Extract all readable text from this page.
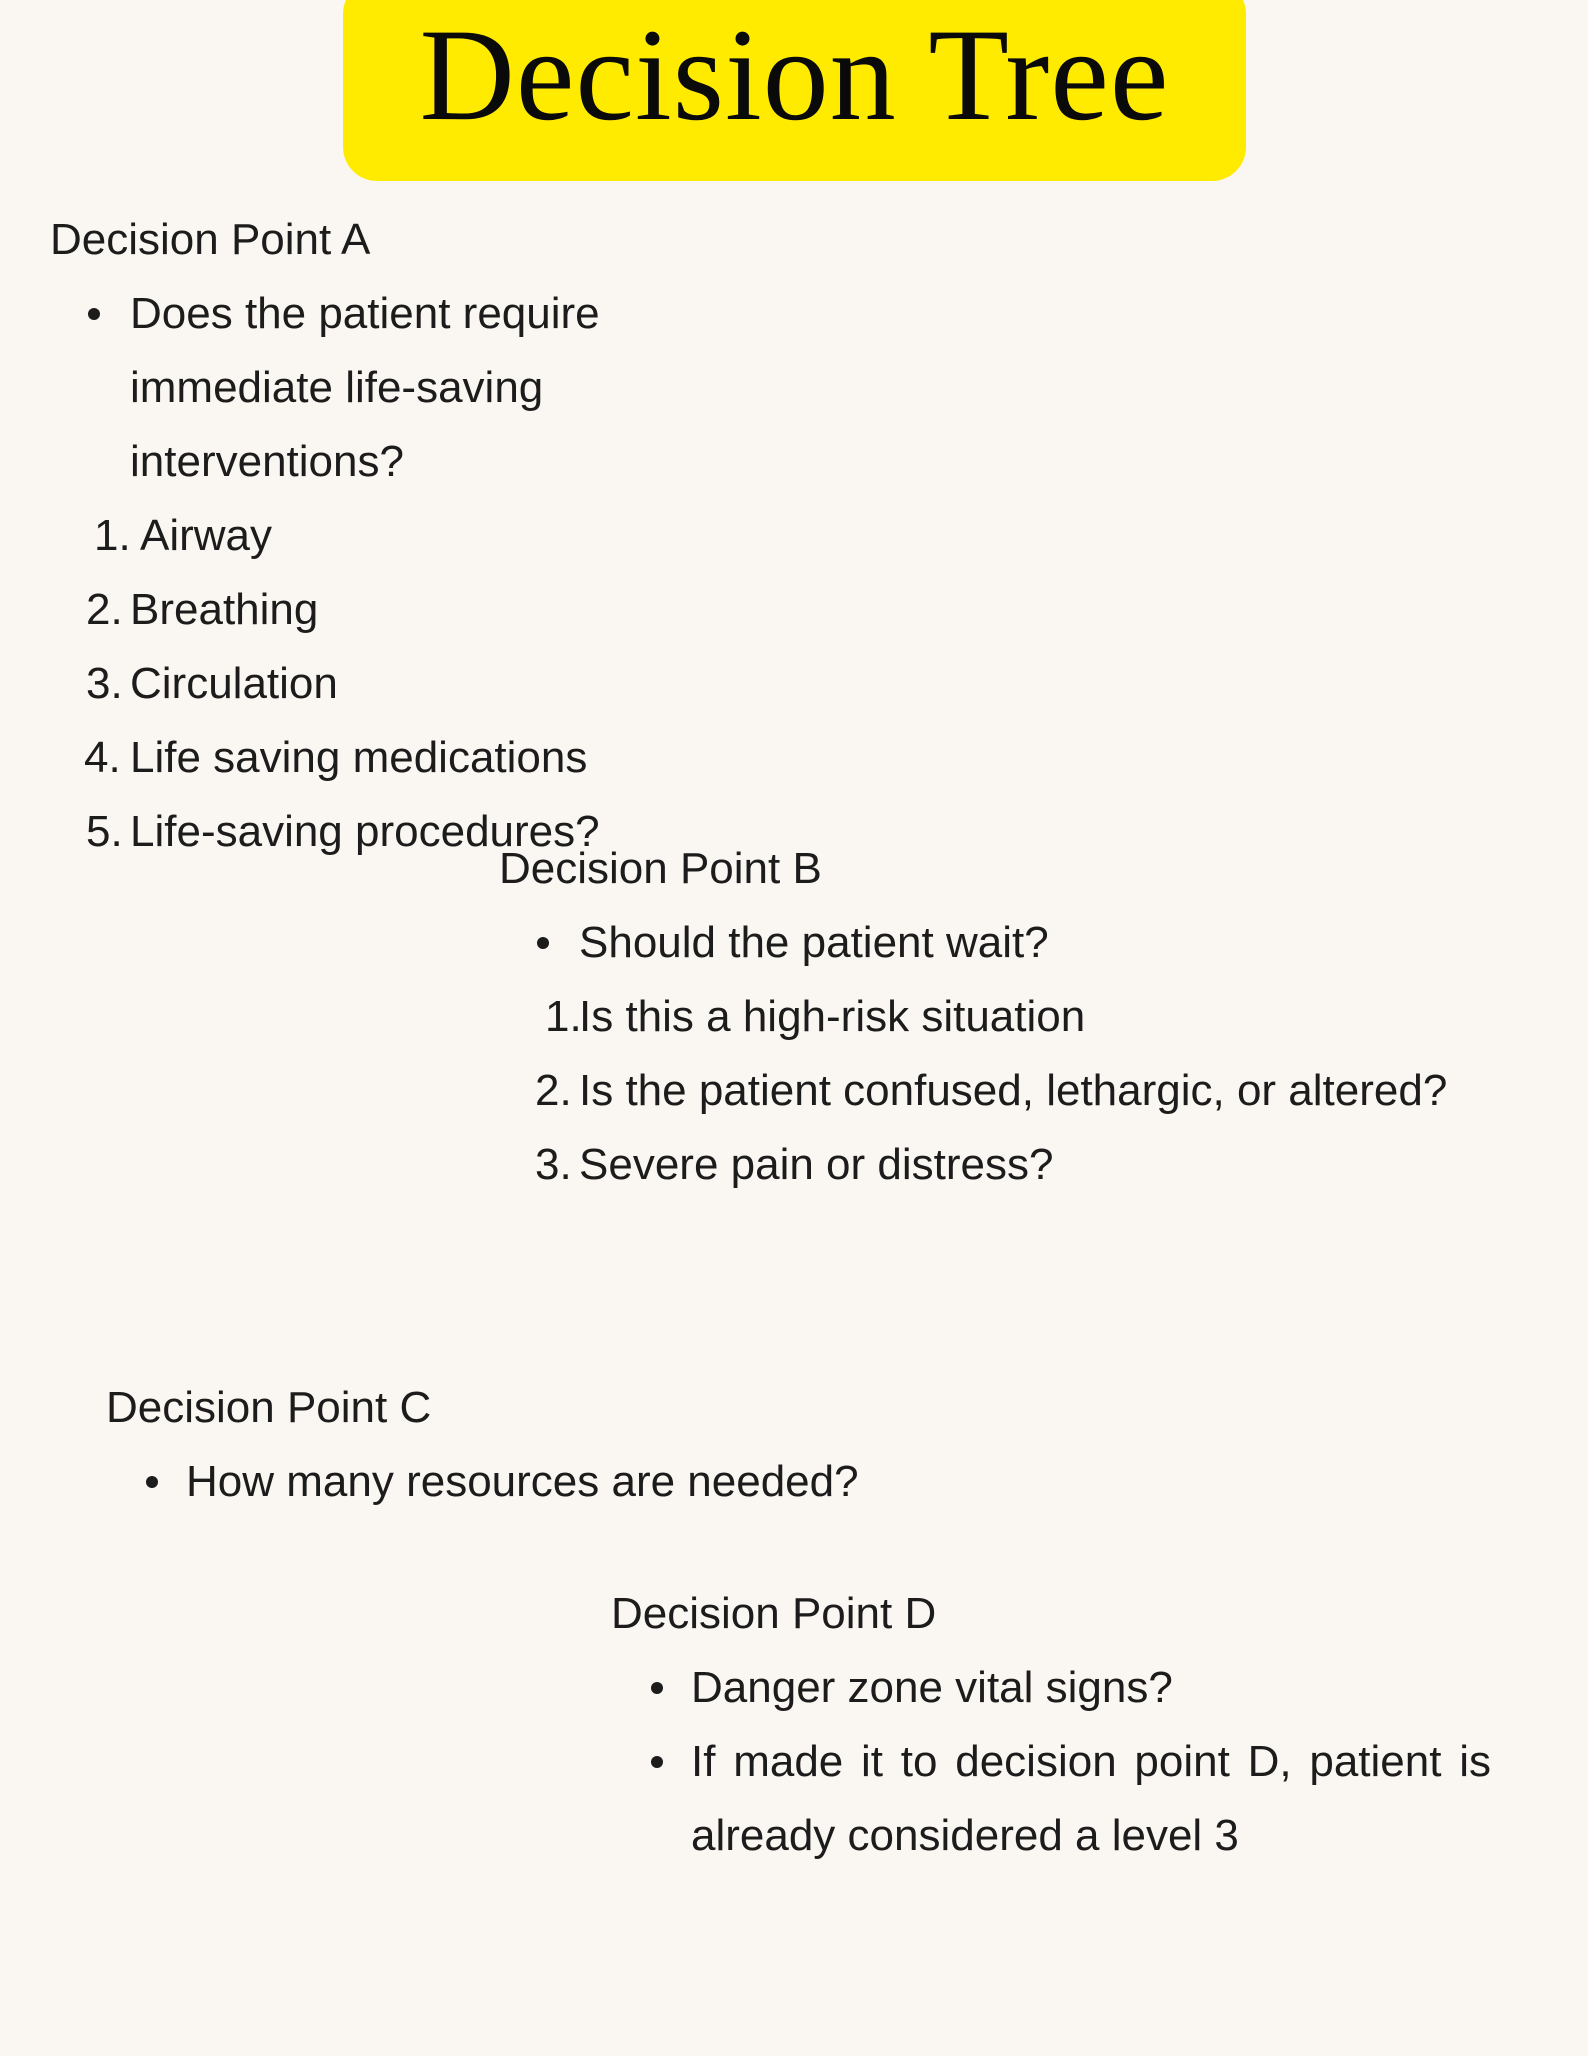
Decision Tree
Decision Point A
Does the patient require immediate life-saving interventions?
1. Airway
2. Breathing
3. Circulation
4. Life saving medications
5. Life-saving procedures?
Decision Point B
Should the patient wait?
1.
Is this a high-risk situation
2. Is the patient confused, lethargic, or altered?
3. Severe pain or distress?
Decision Point C
How many resources are needed?
Decision Point D
Danger zone vital signs?
If made it to decision point D, patient is already considered a level 3
